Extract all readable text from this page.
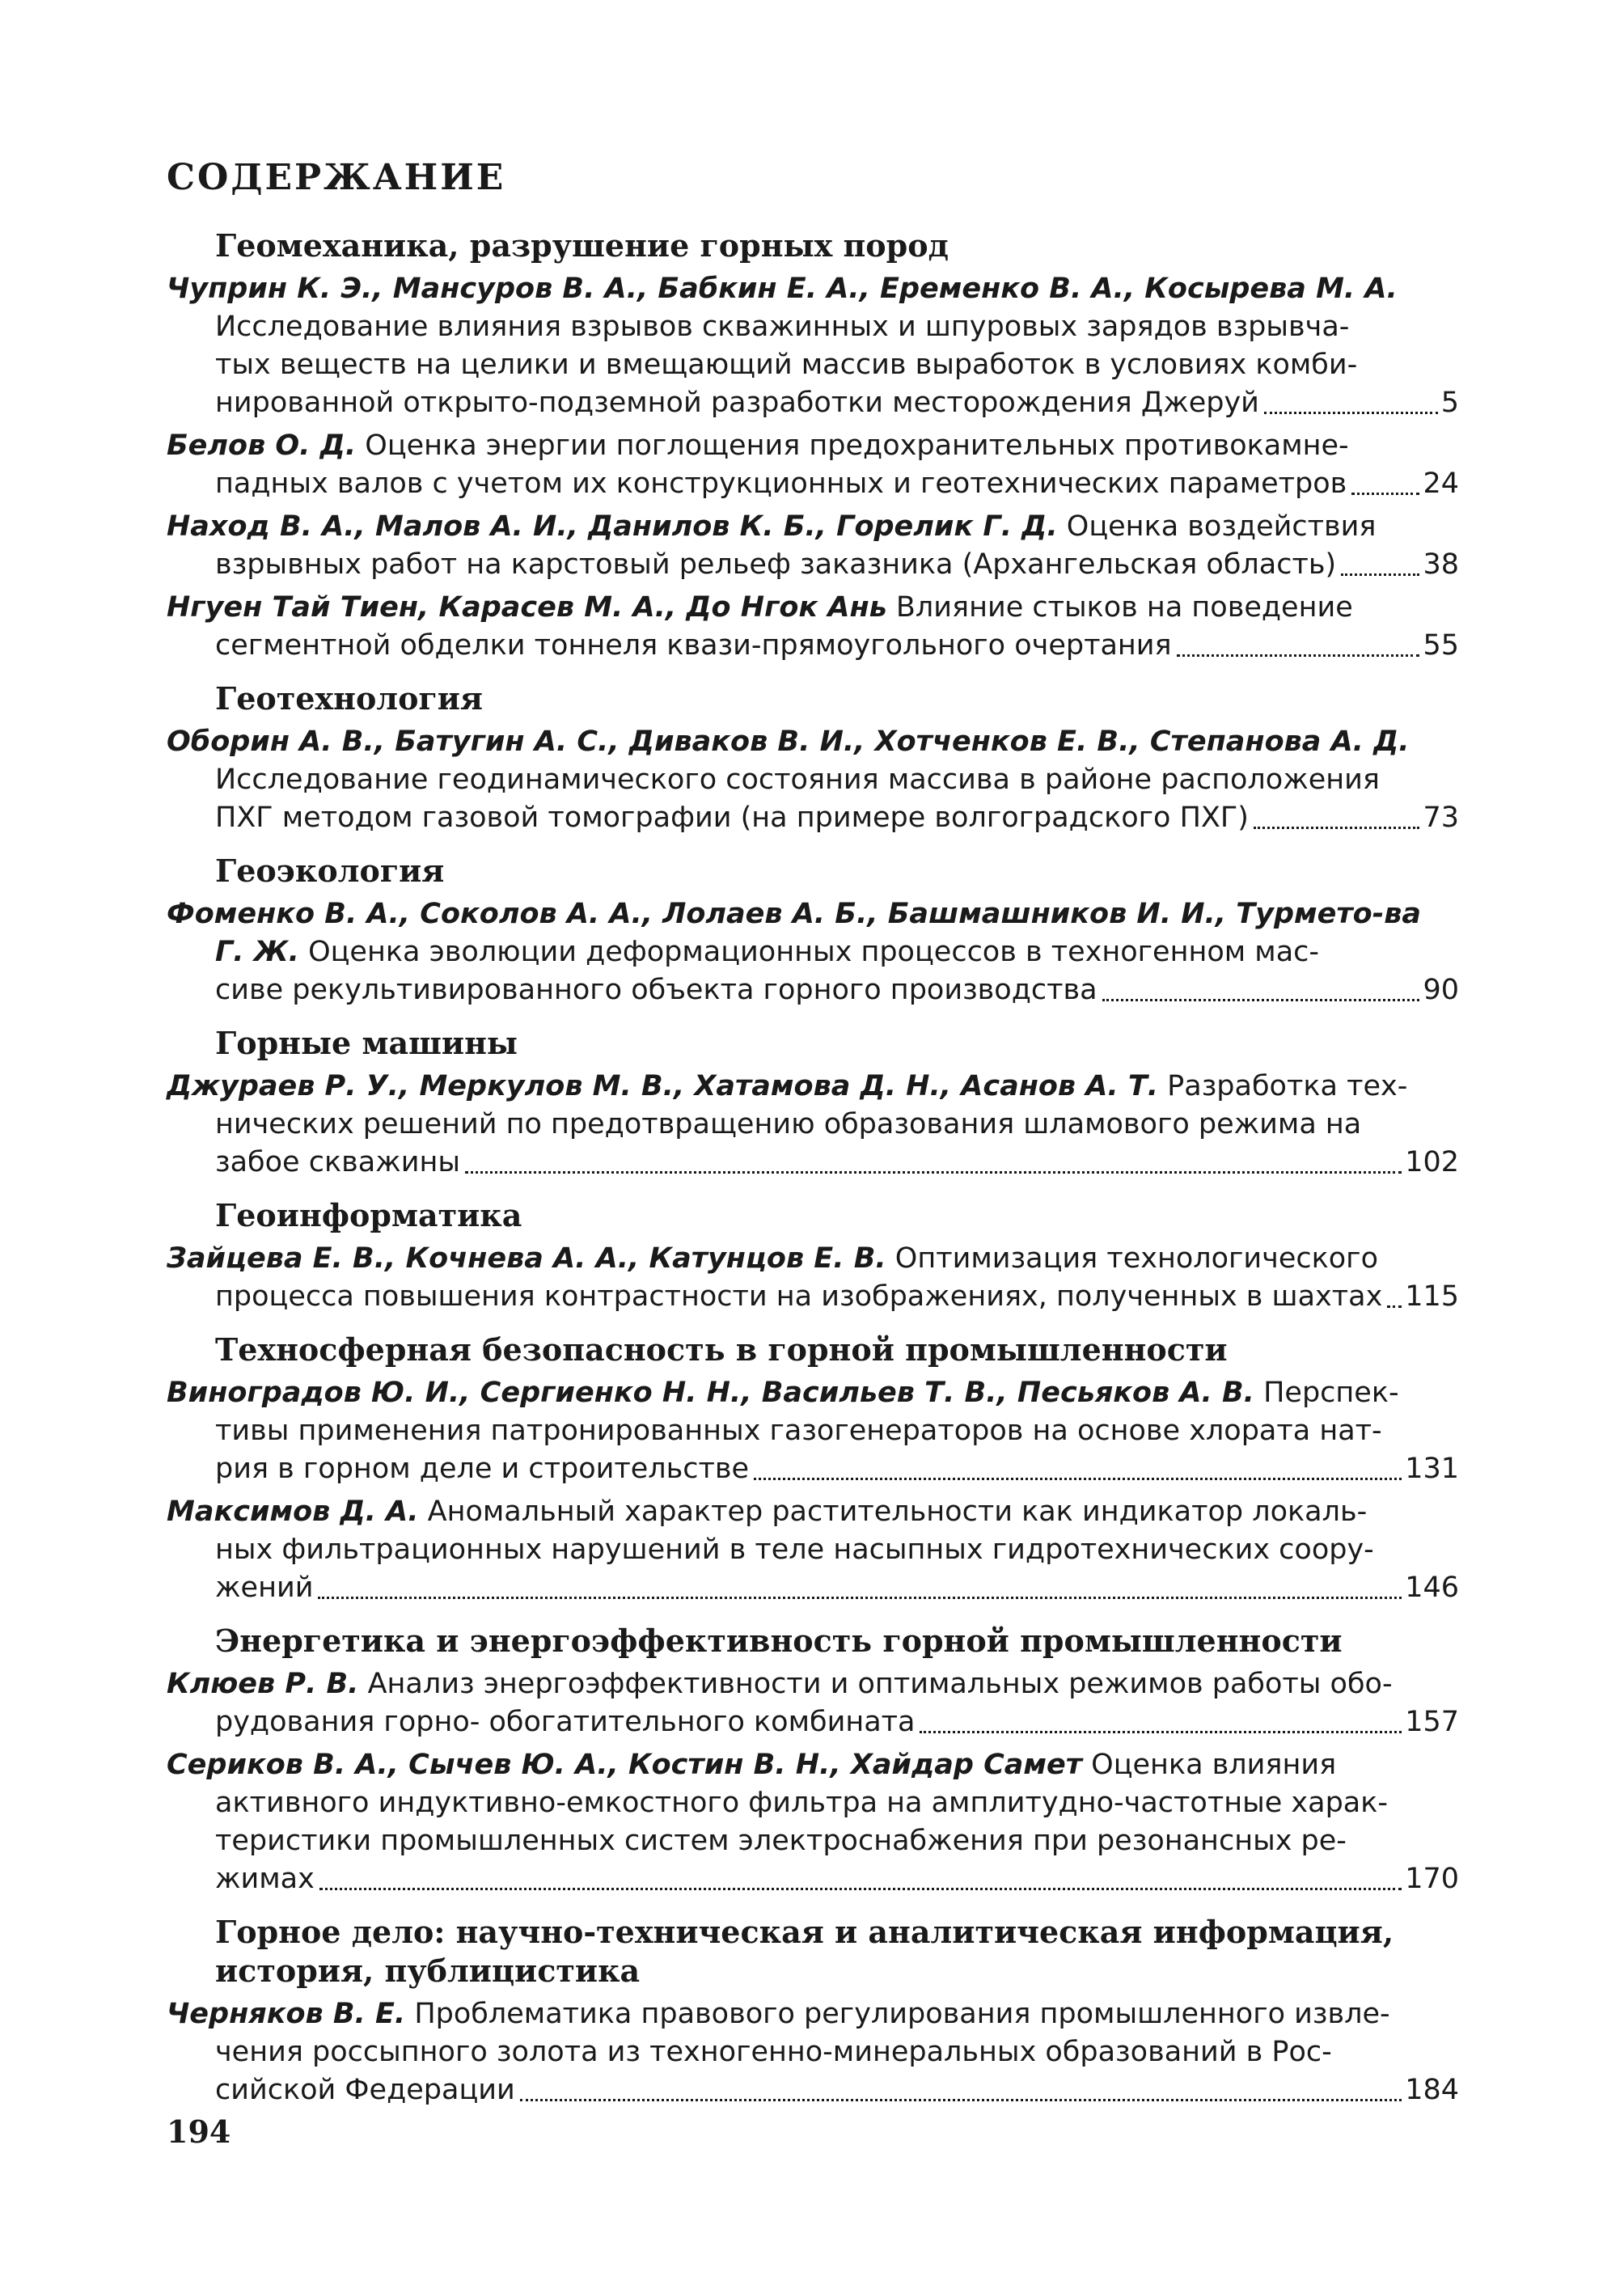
СОДЕРЖАНИЕ
Геомеханика, разрушение горных пород
Чуприн К. Э., Мансуров В. А., Бабкин Е. А., Еременко В. А., Косырева М. А.
Исследование влияния взрывов скважинных и шпуровых зарядов взрывча-
тых веществ на целики и вмещающий массив выработок в условиях комби-

нированной открыто-подземной разработки месторождения Джеруй	5
Белов О. Д. Оценка энергии поглощения предохранительных противокамне-

падных валов с учетом их конструкционных и геотехнических параметров	24
Наход В. А., Малов А. И., Данилов К. Б., Горелик Г. Д. Оценка воздействия

взрывных работ на карстовый рельеф заказника (Архангельская область)	38
Нгуен Тай Тиен, Карасев М. А., До Нгок Ань Влияние стыков на поведение

сегментной обделки тоннеля квази-прямоугольного очертания	55
Геотехнология
Оборин А. В., Батугин А. С., Диваков В. И., Хотченков Е. В., Степанова А. Д.
Исследование геодинамического состояния массива в районе расположения

ПХГ методом газовой томографии (на примере волгоградского ПХГ)	73
Геоэкология
Фоменко В. А., Соколов А. А., Лолаев А. Б., Башмашников И. И., Турмето-ва Г. Ж. Оценка эволюции деформационных процессов в техногенном мас-

сиве рекультивированного объекта горного производства	90
Горные машины
Джураев Р. У., Меркулов М. В., Хатамова Д. Н., Асанов А. Т. Разработка тех-
нических решений по предотвращению образования шламового режима на

забое скважины	102
Геоинформатика
Зайцева Е. В., Кочнева А. А., Катунцов Е. В. Оптимизация технологического

процесса повышения контрастности на изображениях, полученных в шахтах 115
Техносферная безопасность в горной промышленности
Виноградов Ю. И., Сергиенко Н. Н., Васильев Т. В., Песьяков А. В. Перспек-
тивы применения патронированных газогенераторов на основе хлората нат-

рия в горном деле и строительстве	131
Максимов Д. А. Аномальный характер растительности как индикатор локаль-
ных фильтрационных нарушений в теле насыпных гидротехнических соору-

жений	146
Энергетика и энергоэффективность горной промышленности
Клюев Р. В. Анализ энергоэффективности и оптимальных режимов работы обо-

рудования горно- обогатительного комбината	157
Сериков В. А., Сычев Ю. А., Костин В. Н., Хайдар Самет Оценка влияния
активного индуктивно-емкостного фильтра на амплитудно-частотные харак-
теристики промышленных систем электроснабжения при резонансных ре-

жимах	170
Горное дело: научно-техническая и аналитическая информация, история, публицистика
Черняков В. Е. Проблематика правового регулирования промышленного извле-
чения россыпного золота из техногенно-минеральных образований в Рос-

сийской Федерации	184
194
